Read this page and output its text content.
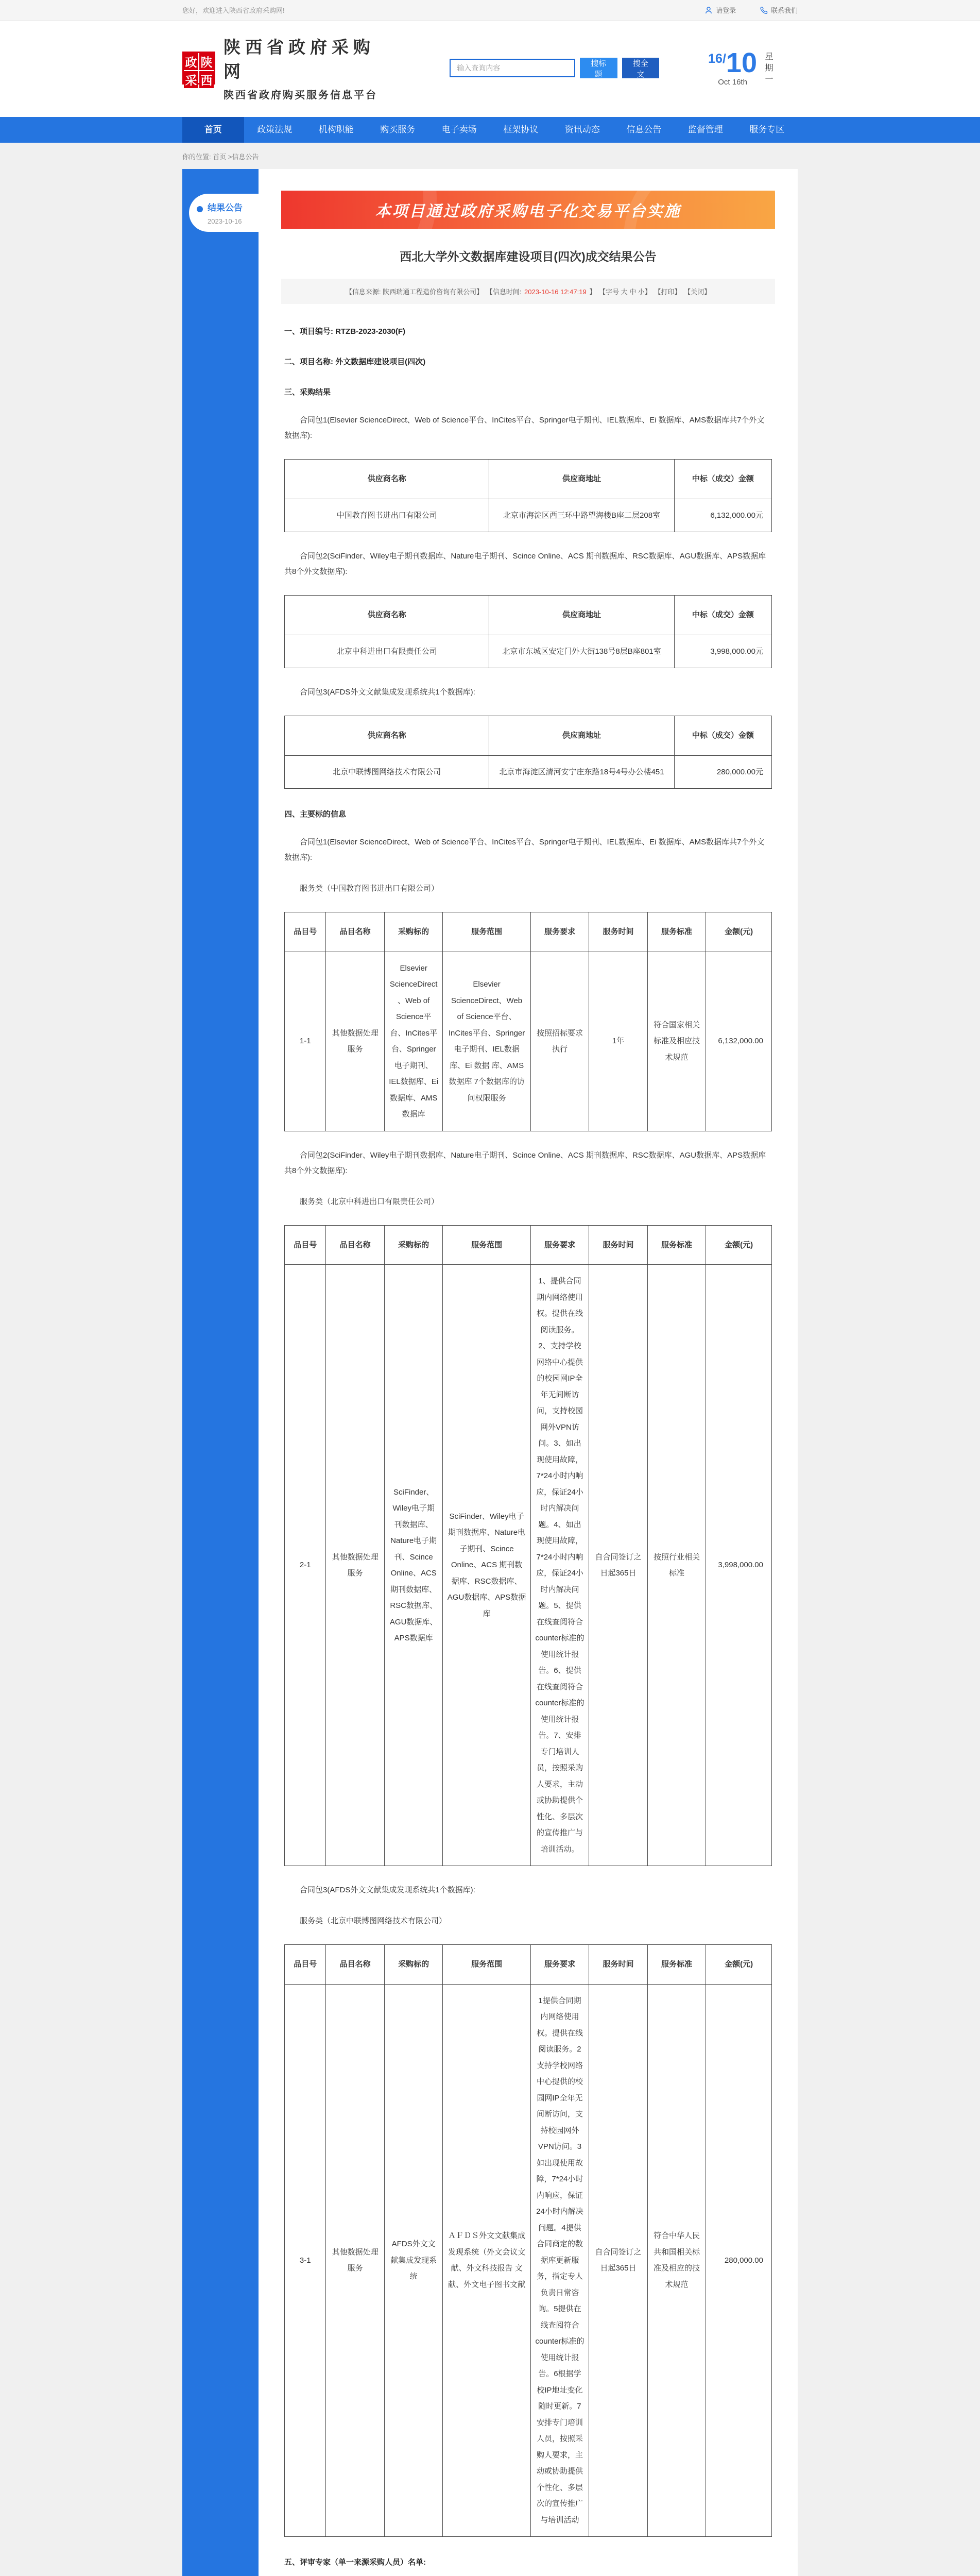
您好，欢迎进入陕西省政府采购网!	请登录	联系我们
政 陕
采 西
陕西省政府采购网
陕西省政府购买服务信息平台
输入查询内容
搜标题
搜全文
16/10
Oct 16th	星期一
首页	政策法规	机构职能	购买服务	电子卖场	框架协议	资讯动态	信息公告	监督管理	服务专区
你的位置: 首页 >信息公告
结果公告
2023-10-16
本项目通过政府采购电子化交易平台实施
西北大学外文数据库建设项目(四次)成交结果公告
【信息来源: 陕西瑞通工程造价咨询有限公司】 【信息时间: 2023-10-16 12:47:19 】 【字号 大 中 小】 【打印】 【关闭】
一、项目编号: RTZB-2023-2030(F)
二、项目名称: 外文数据库建设项目(四次)
三、采购结果
合同包1(Elsevier ScienceDirect、Web of Science平台、InCites平台、Springer电子期刊、IEL数据库、Ei 数据库、AMS数据库共7个外文数据库):
供应商名称	供应商地址	中标（成交）金额
中国教育图书进出口有限公司	北京市海淀区西三环中路望海楼B座二层208室	6,132,000.00元
合同包2(SciFinder、Wiley电子期刊数据库、Nature电子期刊、Scince Online、ACS 期刊数据库、RSC数据库、AGU数据库、APS数据库共8个外文数据库):
供应商名称	供应商地址	中标（成交）金额
北京中科进出口有限责任公司	北京市东城区安定门外大街138号8层B座801室	3,998,000.00元
合同包3(AFDS外文文献集成发现系统共1个数据库):
供应商名称	供应商地址	中标（成交）金额
北京中联博图网络技术有限公司	北京市海淀区清河安宁庄东路18号4号办公楼451	280,000.00元
四、主要标的信息
合同包1(Elsevier ScienceDirect、Web of Science平台、InCites平台、Springer电子期刊、IEL数据库、Ei 数据库、AMS数据库共7个外文数据库):
服务类（中国教育图书进出口有限公司）
品目号	品目名称	采购标的	服务范围	服务要求	服务时间	服务标准	金额(元)
1-1	其他数据处理服务	Elsevier ScienceDirect、Web of Science平台、InCites平台、Springer电子期刊、IEL数据库、Ei 数据库、AMS数据库	Elsevier ScienceDirect、Web of Science平台、InCites平台、Springer电子期刊、IEL数据库、Ei 数据 库、AMS数据库 7个数据库的访问权限服务	按照招标要求执行	1年	符合国家相关标准及相应技术规范	6,132,000.00
合同包2(SciFinder、Wiley电子期刊数据库、Nature电子期刊、Scince Online、ACS 期刊数据库、RSC数据库、AGU数据库、APS数据库共8个外文数据库):
服务类（北京中科进出口有限责任公司）
品目号	品目名称	采购标的	服务范围	服务要求	服务时间	服务标准	金额(元)
2-1	其他数据处理服务	SciFinder、Wiley电子期刊数据库、Nature电子期刊、Scince Online、ACS 期刊数据库、RSC数据库、AGU数据库、APS数据库	SciFinder、Wiley电子期刊数据库、Nature电子期刊、Scince Online、ACS 期刊数据库、RSC数据库、AGU数据库、APS数据库	1、提供合同期内网络使用权。提供在线阅读服务。2、支持学校网络中心提供的校园网IP全年无间断访问，支持校园网外VPN访问。3、如出现使用故障，7*24小时内响应，保证24小时内解决问题。4、如出现使用故障，7*24小时内响应，保证24小时内解决问题。5、提供在线查阅符合counter标准的使用统计报告。6、提供在线查阅符合counter标准的使用统计报告。7、安排专门培训人员，按照采购人要求，主动或协助提供个性化、多层次的宣传推广与培训活动。	自合同签订之日起365日	按照行业相关标准	3,998,000.00
合同包3(AFDS外文文献集成发现系统共1个数据库):
服务类（北京中联博图网络技术有限公司）
品目号	品目名称	采购标的	服务范围	服务要求	服务时间	服务标准	金额(元)
3-1	其他数据处理服务	AFDS外文文献集成发现系统	ＡＦＤＳ外文文献集成发现系统（外文会议文献、外文科技报告 文献、外文电子图书文献	1提供合同期内网络使用权。提供在线阅读服务。2支持学校网络中心提供的校园网IP全年无间断访问，支持校园网外VPN访问。3如出现使用故障，7*24小时内响应，保证24小时内解决问题。4提供合同商定的数据库更新服务，指定专人负责日常咨询。5提供在线查阅符合counter标准的使用统计报告。6根据学校IP地址变化随时更新。7安排专门培训人员，按照采购人要求，主动或协助提供个性化、多层次的宣传推广与培训活动	自合同签订之日起365日	符合中华人民共和国相关标准及相应的技术规范	280,000.00
五、评审专家（单一来源采购人员）名单:
